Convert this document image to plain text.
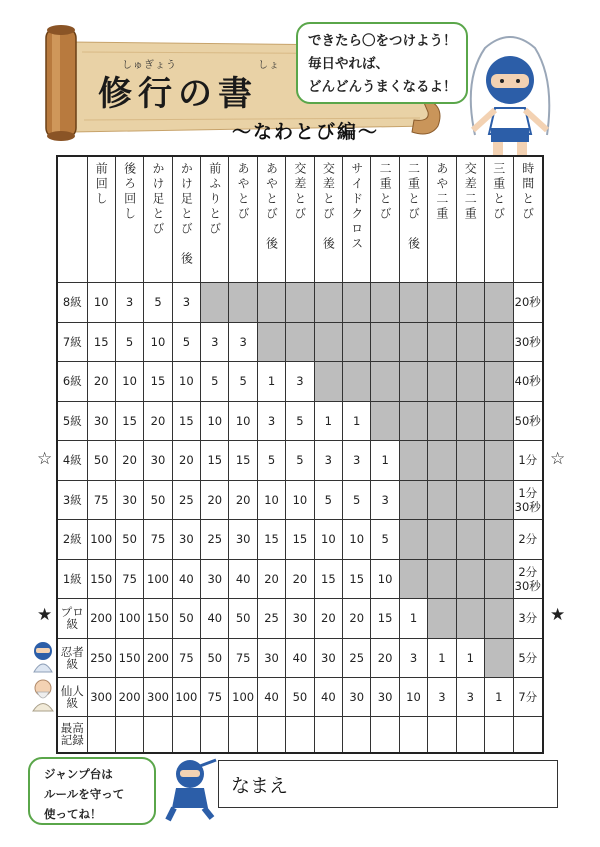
しゅぎょう	しょ
修行の書
〜なわとび編〜
できたら〇をつけよう！
毎日やれば、
どんどんうまくなるよ！
	前回し	後ろ回し	かけ足とび	かけ足とび　後	前ふりとび	あやとび	あやとび　後	交差とび	交差とび　後	サイドクロス	二重とび	二重とび　後	あや二重	交差二重	三重とび	時間とび
8級	10	3	5	3												20秒
7級	15	5	10	5	3	3										30秒
6級	20	10	15	10	5	5	1	3								40秒
5級	30	15	20	15	10	10	3	5	1	1						50秒
4級	50	20	30	20	15	15	5	5	3	3	1					1分
3級	75	30	50	25	20	20	10	10	5	5	3					1分
30秒
2級	100	50	75	30	25	30	15	15	10	10	5					2分
1級	150	75	100	40	30	40	20	20	15	15	10					2分
30秒
プロ級	200	100	150	50	40	50	25	30	20	20	15	1				3分
忍者級	250	150	200	75	50	75	30	40	30	25	20	3	1	1		5分
仙人級	300	200	300	100	75	100	40	50	40	30	30	10	3	3	1	7分
最高記録																
☆	☆
★	★
ジャンプ台は
ルールを守って
使ってね！
なまえ
